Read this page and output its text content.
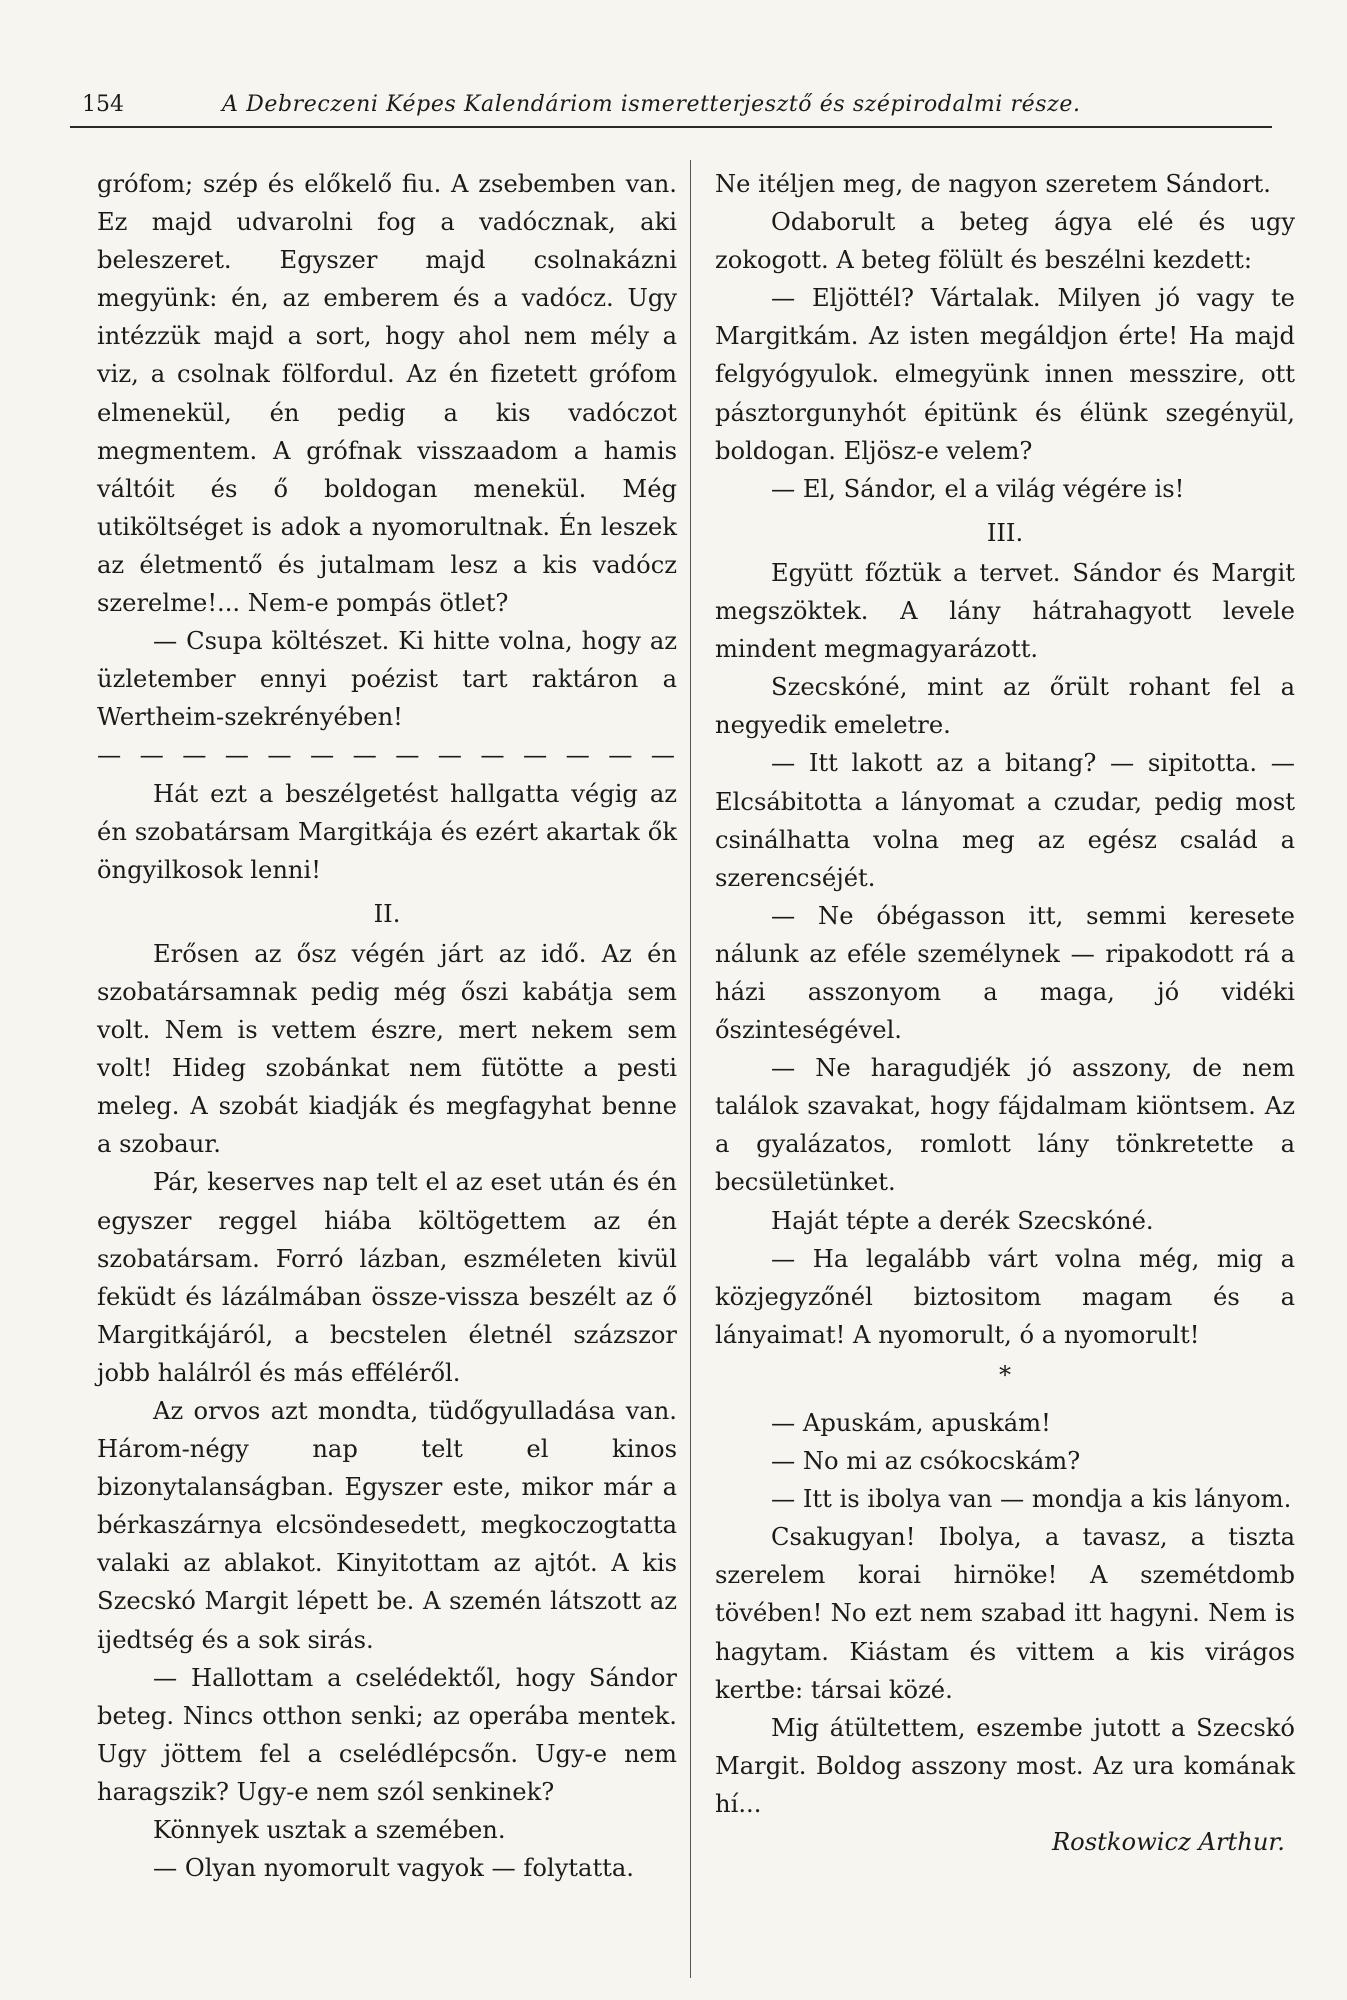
154	A Debreczeni Képes Kalendáriom ismeretterjesztő és szépirodalmi része.

grófom; szép és előkelő fiu. A zsebemben van. Ez majd udvarolni fog a vadócznak, aki beleszeret. Egyszer majd csolnakázni megyünk: én, az emberem és a vadócz. Ugy intézzük majd a sort, hogy ahol nem mély a viz, a csolnak fölfordul. Az én fizetett grófom elmenekül, én pedig a kis vadóczot megmentem. A grófnak visszaadom a hamis váltóit és ő boldogan menekül. Még utiköltséget is adok a nyomorultnak. Én leszek az életmentő és jutalmam lesz a kis vadócz szerelme!... Nem-e pompás ötlet?

— Csupa költészet. Ki hitte volna, hogy az üzletember ennyi poézist tart raktáron a Wertheim-szekrényében!

— — — — — — — — — — — — — —

Hát ezt a beszélgetést hallgatta végig az én szobatársam Margitkája és ezért akartak ők öngyilkosok lenni!

II.

Erősen az ősz végén járt az idő. Az én szobatársamnak pedig még őszi kabátja sem volt. Nem is vettem észre, mert nekem sem volt! Hideg szobánkat nem fütötte a pesti meleg. A szobát kiadják és megfagyhat benne a szobaur.

Pár, keserves nap telt el az eset után és én egyszer reggel hiába költögettem az én szobatársam. Forró lázban, eszméleten kivül feküdt és lázálmában össze-vissza beszélt az ő Margitkájáról, a becstelen életnél százszor jobb halálról és más efféléről.

Az orvos azt mondta, tüdőgyulladása van. Három-négy nap telt el kinos bizonytalanságban. Egyszer este, mikor már a bérkaszárnya elcsöndesedett, megkoczogtatta valaki az ablakot. Kinyitottam az ajtót. A kis Szecskó Margit lépett be. A szemén látszott az ijedtség és a sok sirás.

— Hallottam a cselédektől, hogy Sándor beteg. Nincs otthon senki; az operába mentek. Ugy jöttem fel a cselédlépcsőn. Ugy-e nem haragszik? Ugy-e nem szól senkinek?

Könnyek usztak a szemében.

— Olyan nyomorult vagyok — folytatta.

Ne itéljen meg, de nagyon szeretem Sándort.

Odaborult a beteg ágya elé és ugy zokogott. A beteg fölült és beszélni kezdett:

— Eljöttél? Vártalak. Milyen jó vagy te Margitkám. Az isten megáldjon érte! Ha majd felgyógyulok. elmegyünk innen messzire, ott pásztorgunyhót épitünk és élünk szegényül, boldogan. Eljösz-e velem?

— El, Sándor, el a világ végére is!

III.

Együtt főztük a tervet. Sándor és Margit megszöktek. A lány hátrahagyott levele mindent megmagyarázott.

Szecskóné, mint az őrült rohant fel a negyedik emeletre.

— Itt lakott az a bitang? — sipitotta. — Elcsábitotta a lányomat a czudar, pedig most csinálhatta volna meg az egész család a szerencséjét.

— Ne óbégasson itt, semmi keresete nálunk az eféle személynek — ripakodott rá a házi asszonyom a maga, jó vidéki őszinteségével.

— Ne haragudjék jó asszony, de nem találok szavakat, hogy fájdalmam kiöntsem. Az a gyalázatos, romlott lány tönkretette a becsületünket.

Haját tépte a derék Szecskóné.

— Ha legalább várt volna még, mig a közjegyzőnél biztositom magam és a lányaimat! A nyomorult, ó a nyomorult!

*

— Apuskám, apuskám!

— No mi az csókocskám?

— Itt is ibolya van — mondja a kis lányom.

Csakugyan! Ibolya, a tavasz, a tiszta szerelem korai hirnöke! A szemétdomb tövében! No ezt nem szabad itt hagyni. Nem is hagytam. Kiástam és vittem a kis virágos kertbe: társai közé.

Mig átültettem, eszembe jutott a Szecskó Margit. Boldog asszony most. Az ura komának hí...

Rostkowicz Arthur.
